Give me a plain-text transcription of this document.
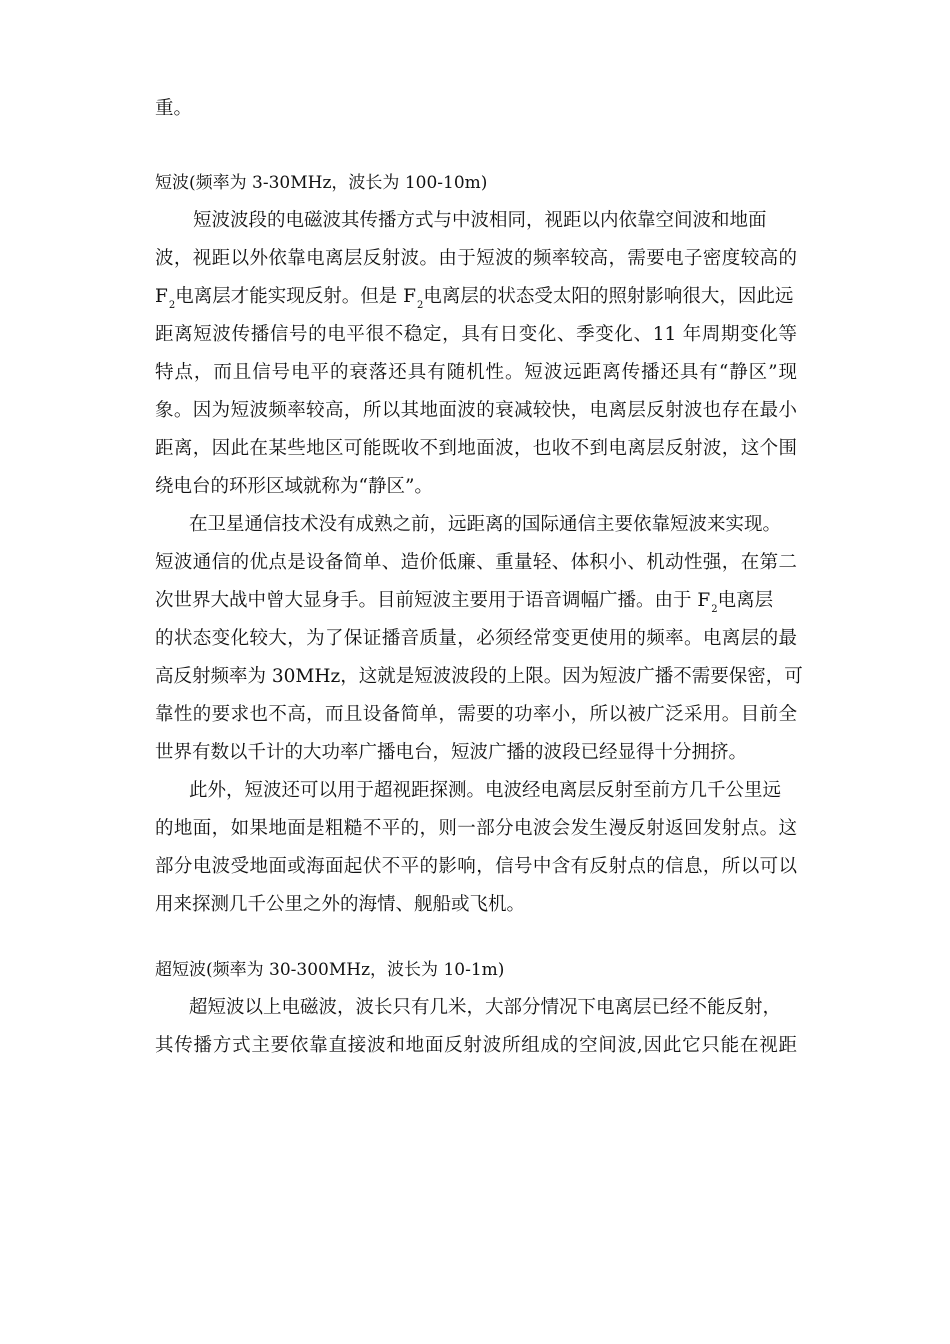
重。
短波(频率为 3-30MHz，波长为 100-10m)
短波波段的电磁波其传播方式与中波相同，视距以内依靠空间波和地面
波，视距以外依靠电离层反射波。由于短波的频率较高，需要电子密度较高的
$F_2$电离层才能实现反射。但是 $F_2$电离层的状态受太阳的照射影响很大，因此远
距离短波传播信号的电平很不稳定，具有日变化、季变化、11 年周期变化等
特点，而且信号电平的衰落还具有随机性。短波远距离传播还具有“静区”现
象。因为短波频率较高，所以其地面波的衰减较快，电离层反射波也存在最小
距离，因此在某些地区可能既收不到地面波，也收不到电离层反射波，这个围
绕电台的环形区域就称为“静区”。
在卫星通信技术没有成熟之前，远距离的国际通信主要依靠短波来实现。
短波通信的优点是设备简单、造价低廉、重量轻、体积小、机动性强，在第二
次世界大战中曾大显身手。目前短波主要用于语音调幅广播。由于 $F_2$电离层
的状态变化较大，为了保证播音质量，必须经常变更使用的频率。电离层的最
高反射频率为 30MHz，这就是短波波段的上限。因为短波广播不需要保密，可
靠性的要求也不高，而且设备简单，需要的功率小，所以被广泛采用。目前全
世界有数以千计的大功率广播电台，短波广播的波段已经显得十分拥挤。
此外，短波还可以用于超视距探测。电波经电离层反射至前方几千公里远
的地面，如果地面是粗糙不平的，则一部分电波会发生漫反射返回发射点。这
部分电波受地面或海面起伏不平的影响，信号中含有反射点的信息，所以可以
用来探测几千公里之外的海情、舰船或飞机。
超短波(频率为 30-300MHz，波长为 10-1m)
超短波以上电磁波，波长只有几米，大部分情况下电离层已经不能反射，
其传播方式主要依靠直接波和地面反射波所组成的空间波,因此它只能在视距
